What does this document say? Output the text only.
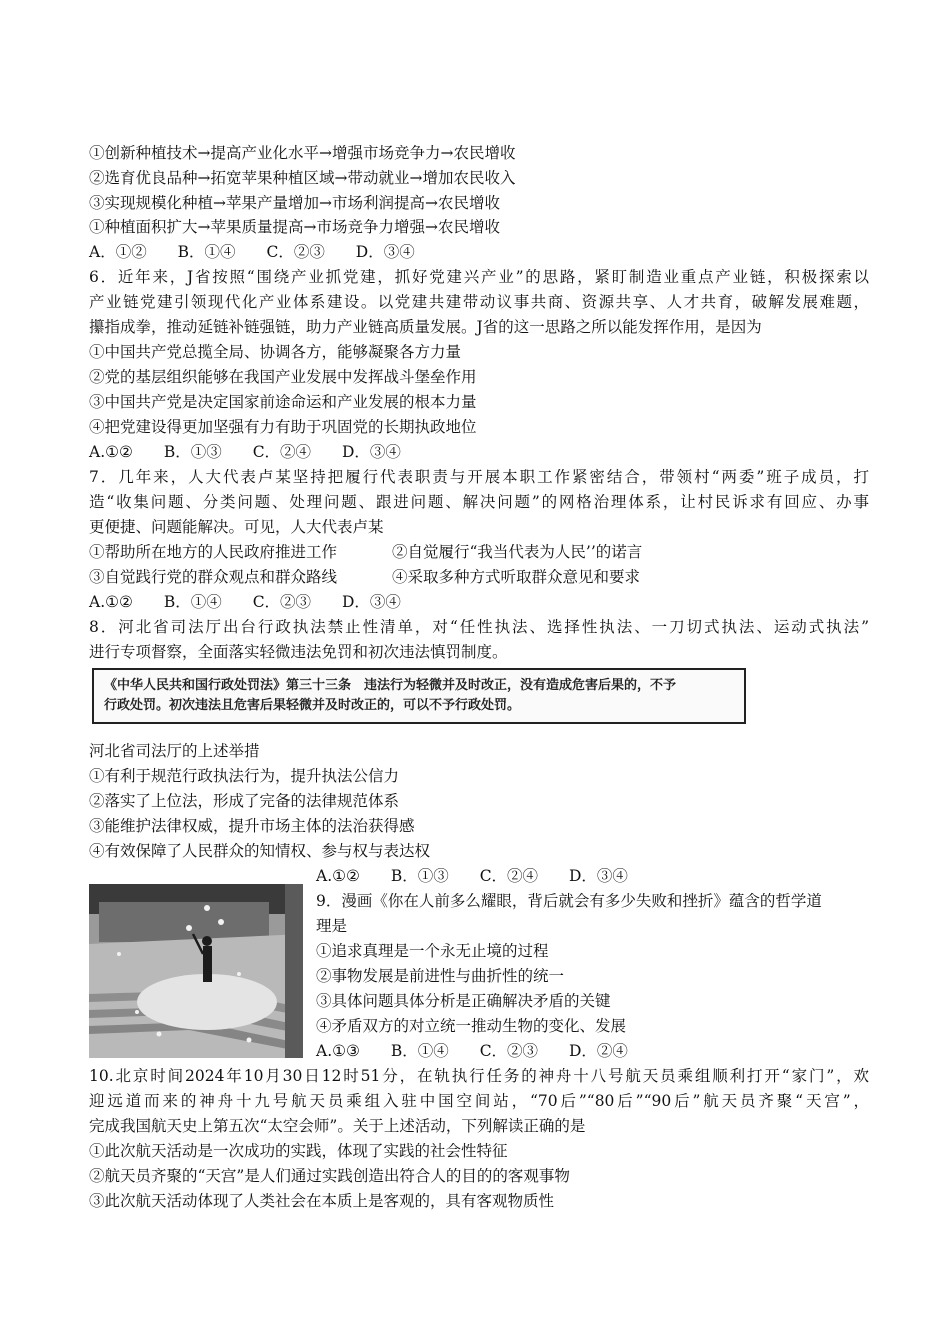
①创新种植技术→提高产业化水平→增强市场竞争力→农民增收
②选育优良品种→拓宽苹果种植区域→带动就业→增加农民收入
③实现规模化种植→苹果产量增加→市场利润提高→农民增收
①种植面积扩大→苹果质量提高→市场竞争力增强→农民增收
A．①② B．①④ C．②③ D．③④
6．近年来，J省按照“围绕产业抓党建，抓好党建兴产业”的思路，紧盯制造业重点产业链，积极探索以
产业链党建引领现代化产业体系建设。以党建共建带动议事共商、资源共享、人才共育，破解发展难题，
攥指成拳，推动延链补链强链，助力产业链高质量发展。J省的这一思路之所以能发挥作用，是因为
①中国共产党总揽全局、协调各方，能够凝聚各方力量
②党的基层组织能够在我国产业发展中发挥战斗堡垒作用
③中国共产党是决定国家前途命运和产业发展的根本力量
④把党建设得更加坚强有力有助于巩固党的长期执政地位
A.①② B．①③ C．②④ D．③④
7．几年来，人大代表卢某坚持把履行代表职责与开展本职工作紧密结合，带领村“两委”班子成员，打
造“收集问题、分类问题、处理问题、跟进问题、解决问题”的网格治理体系，让村民诉求有回应、办事
更便捷、问题能解决。可见，人大代表卢某
①帮助所在地方的人民政府推进工作	②自觉履行“我当代表为人民’’的诺言
③自觉践行党的群众观点和群众路线	④采取多种方式听取群众意见和要求
A.①② B．①④ C．②③ D．③④
8．河北省司法厅出台行政执法禁止性清单，对“任性执法、选择性执法、一刀切式执法、运动式执法”
进行专项督察，全面落实轻微违法免罚和初次违法慎罚制度。
《中华人民共和国行政处罚法》第三十三条　违法行为轻微并及时改正，没有造成危害后果的，不予
行政处罚。初次违法且危害后果轻微并及时改正的，可以不予行政处罚。
河北省司法厅的上述举措
①有利于规范行政执法行为，提升执法公信力
②落实了上位法，形成了完备的法律规范体系
③能维护法律权威，提升市场主体的法治获得感
④有效保障了人民群众的知情权、参与权与表达权
A.①② B．①③ C．②④ D．③④
9．漫画《你在人前多么耀眼，背后就会有多少失败和挫折》蕴含的哲学道
理是
①追求真理是一个永无止境的过程
②事物发展是前进性与曲折性的统一
③具体问题具体分析是正确解决矛盾的关键
④矛盾双方的对立统一推动生物的变化、发展
A.①③ B．①④ C．②③ D．②④
10.北京时间2024年10月30日12时51分，在轨执行任务的神舟十八号航天员乘组顺利打开“家门”，欢
迎远道而来的神舟十九号航天员乘组入驻中国空间站，“70后”“80后”“90后”航天员齐聚“天宫”，
完成我国航天史上第五次“太空会师”。关于上述活动，下列解读正确的是
①此次航天活动是一次成功的实践，体现了实践的社会性特征
②航天员齐聚的“天宫”是人们通过实践创造出符合人的目的的客观事物
③此次航天活动体现了人类社会在本质上是客观的，具有客观物质性
